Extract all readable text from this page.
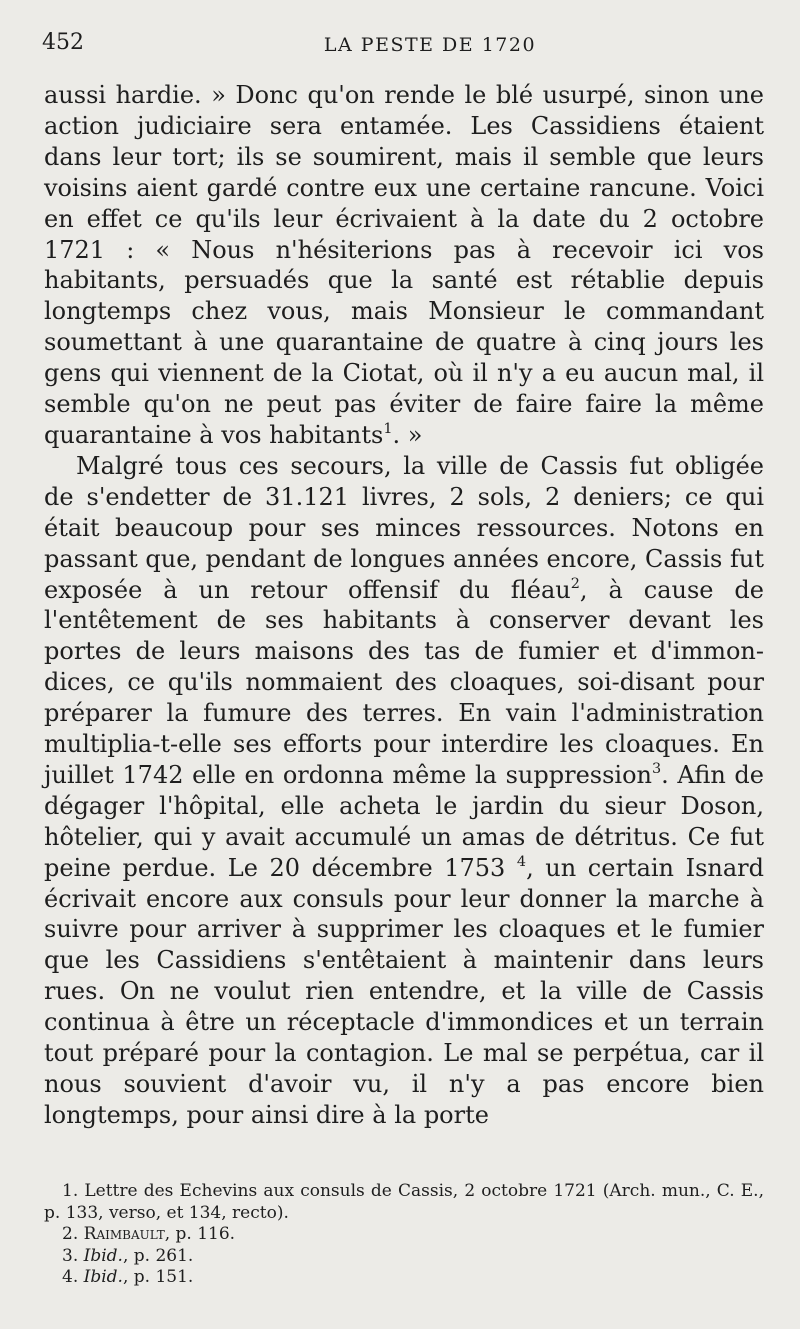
452	LA PESTE DE 1720

aussi hardie. » Donc qu'on rende le blé usurpé, sinon une action judiciaire sera entamée. Les Cassidiens étaient dans leur tort; ils se soumirent, mais il semble que leurs voisins aient gardé contre eux une certaine rancune. Voici en effet ce qu'ils leur écrivaient à la date du 2 octobre 1721 : « Nous n'hésiterions pas à recevoir ici vos habitants, persuadés que la santé est rétablie depuis longtemps chez vous, mais Monsieur le commandant soumettant à une quarantaine de quatre à cinq jours les gens qui viennent de la Ciotat, où il n'y a eu aucun mal, il semble qu'on ne peut pas éviter de faire faire la même quarantaine à vos habitants$^1$. »

Malgré tous ces secours, la ville de Cassis fut obligée de s'endetter de 31.121 livres, 2 sols, 2 deniers; ce qui était beaucoup pour ses minces ressources. Notons en passant que, pendant de longues années encore, Cassis fut exposée à un retour offensif du fléau$^2$, à cause de l'entêtement de ses habitants à conserver devant les portes de leurs maisons des tas de fumier et d'immondices, ce qu'ils nommaient des cloaques, soi-disant pour préparer la fumure des terres. En vain l'administration multiplia-t-elle ses efforts pour interdire les cloaques. En juillet 1742 elle en ordonna même la suppression$^3$. Afin de dégager l'hôpital, elle acheta le jardin du sieur Doson, hôtelier, qui y avait accumulé un amas de détritus. Ce fut peine perdue. Le 20 décembre 1753 $^4$, un certain Isnard écrivait encore aux consuls pour leur donner la marche à suivre pour arriver à supprimer les cloaques et le fumier que les Cassidiens s'entêtaient à maintenir dans leurs rues. On ne voulut rien entendre, et la ville de Cassis continua à être un réceptacle d'immondices et un terrain tout préparé pour la contagion. Le mal se perpétua, car il nous souvient d'avoir vu, il n'y a pas encore bien longtemps, pour ainsi dire à la porte

1. Lettre des Echevins aux consuls de Cassis, 2 octobre 1721 (Arch. mun., C. E., p. 133, verso, et 134, recto).

2. Raimbault, p. 116.

3. Ibid., p. 261.

4. Ibid., p. 151.
